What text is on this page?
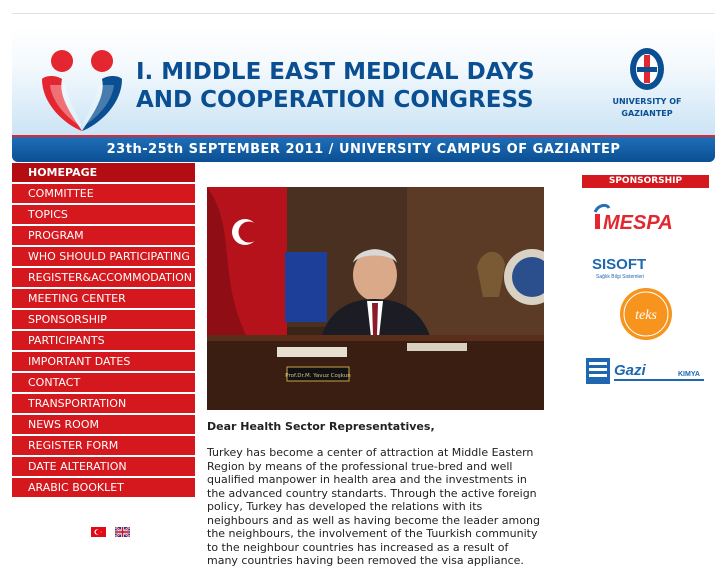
I. MIDDLE EAST MEDICAL DAYS
AND COOPERATION CONGRESS	UNIVERSITY OF
GAZIANTEP
23th-25th SEPTEMBER 2011 / UNIVERSITY CAMPUS OF GAZIANTEP
HOMEPAGE
COMMITTEE
TOPICS
PROGRAM
WHO SHOULD PARTICIPATING
REGISTER&ACCOMMODATION
MEETING CENTER
SPONSORSHIP
PARTICIPANTS
IMPORTANT DATES
CONTACT
TRANSPORTATION
NEWS ROOM
REGISTER FORM
DATE ALTERATION
ARABIC BOOKLET

Prof.Dr.M. Yavuz Coşkun
Dear Health Sector Representatives,
Turkey has become a center of attraction at Middle Eastern Region by means of the professional true-bred and well qualified manpower in health area and the investments in the advanced country standarts. Through the active foreign policy, Turkey has developed the relations with its neighbours and as well as having become the leader among the neighbours, the involvement of the Tuurkish community to the neighbour countries has increased as a result of many countries having been removed the visa appliance.
SPONSORSHIP
MESPA
SISOFT
Sağlık Bilgi Sistemleri
teks
Gazi	KIMYA
